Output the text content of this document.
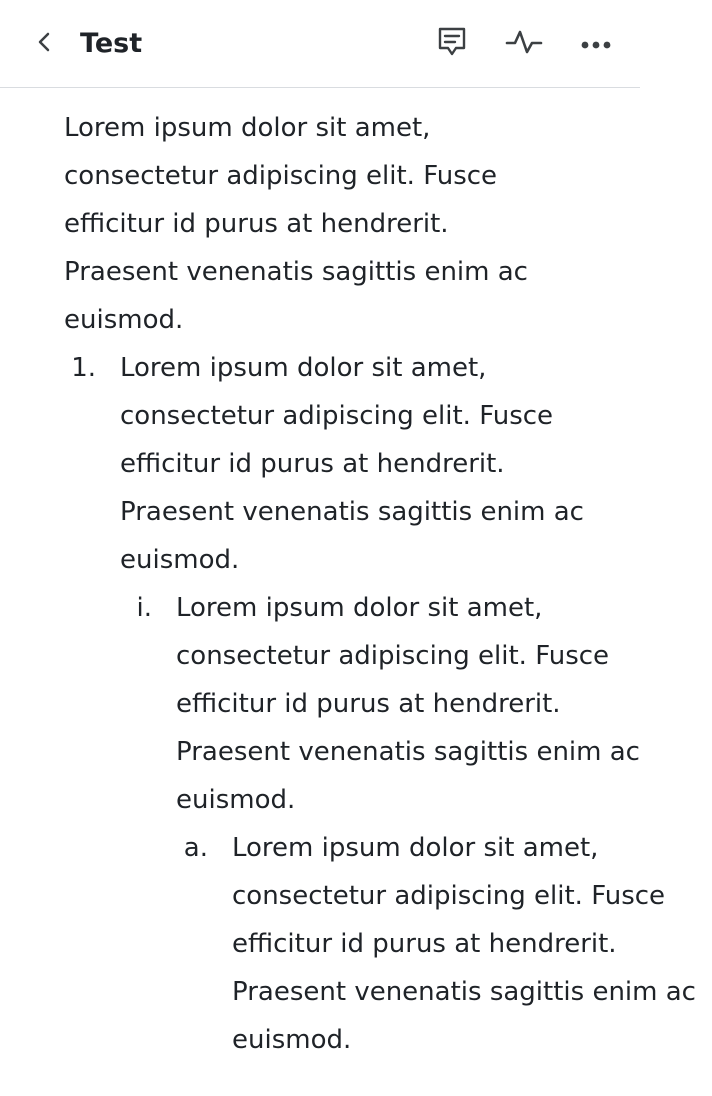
Test
Lorem ipsum dolor sit amet,
consectetur adipiscing elit. Fusce
efficitur id purus at hendrerit.
Praesent venenatis sagittis enim ac
euismod.
1. Lorem ipsum dolor sit amet,
consectetur adipiscing elit. Fusce
efficitur id purus at hendrerit.
Praesent venenatis sagittis enim ac
euismod.
i. Lorem ipsum dolor sit amet,
consectetur adipiscing elit. Fusce
efficitur id purus at hendrerit.
Praesent venenatis sagittis enim ac
euismod.
a. Lorem ipsum dolor sit amet,
consectetur adipiscing elit. Fusce
efficitur id purus at hendrerit.
Praesent venenatis sagittis enim ac
euismod.
